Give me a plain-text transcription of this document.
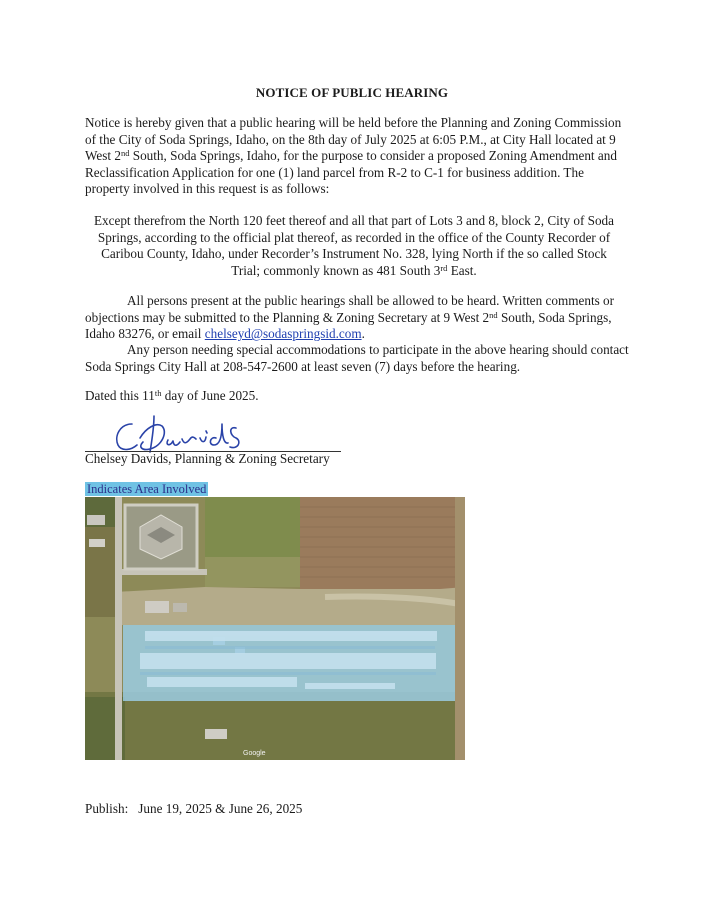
NOTICE OF PUBLIC HEARING

Notice is hereby given that a public hearing will be held before the Planning and Zoning Commission of the City of Soda Springs, Idaho, on the 8th day of July 2025 at 6:05 P.M., at City Hall located at 9 West 2nd South, Soda Springs, Idaho, for the purpose to consider a proposed Zoning Amendment and Reclassification Application for one (1) land parcel from R-2 to C-1 for business addition. The property involved in this request is as follows:

Except therefrom the North 120 feet thereof and all that part of Lots 3 and 8, block 2, City of Soda Springs, according to the official plat thereof, as recorded in the office of the County Recorder of Caribou County, Idaho, under Recorder’s Instrument No. 328, lying North if the so called Stock Trial; commonly known as 481 South 3rd East.

All persons present at the public hearings shall be allowed to be heard. Written comments or objections may be submitted to the Planning & Zoning Secretary at 9 West 2nd South, Soda Springs, Idaho 83276, or email chelseyd@sodaspringsid.com.

Any person needing special accommodations to participate in the above hearing should contact Soda Springs City Hall at 208-547-2600 at least seven (7) days before the hearing.

Dated this 11th day of June 2025.

Chelsey Davids, Planning & Zoning Secretary
Indicates Area Involved
Google
Publish: June 19, 2025 & June 26, 2025
